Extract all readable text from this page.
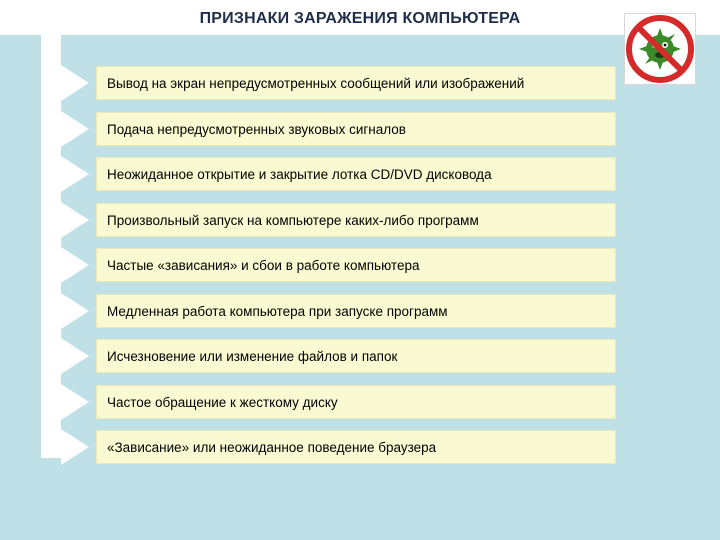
ПРИЗНАКИ ЗАРАЖЕНИЯ КОМПЬЮТЕРА
Вывод на экран непредусмотренных сообщений или изображений
Подача непредусмотренных звуковых сигналов
Неожиданное открытие и закрытие лотка CD/DVD дисковода
Произвольный запуск на компьютере каких-либо программ
Частые «зависания» и сбои в работе компьютера
Медленная работа компьютера при запуске программ
Исчезновение или изменение файлов и папок
Частое обращение к жесткому диску
«Зависание» или неожиданное поведение браузера
